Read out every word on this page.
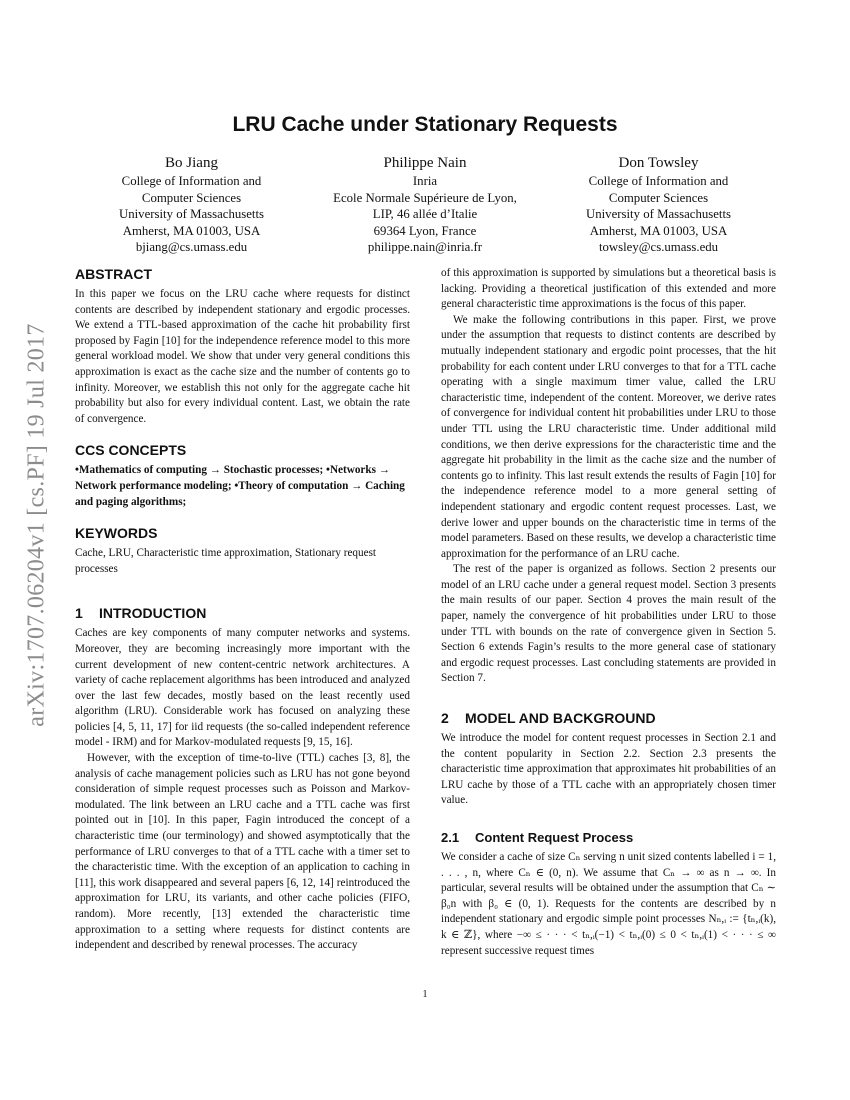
arXiv:1707.06204v1 [cs.PF] 19 Jul 2017
LRU Cache under Stationary Requests
Bo Jiang
College of Information and
Computer Sciences
University of Massachusetts
Amherst, MA 01003, USA
bjiang@cs.umass.edu
Philippe Nain
Inria
Ecole Normale Supérieure de Lyon,
LIP, 46 allée d’Italie
69364 Lyon, France
philippe.nain@inria.fr
Don Towsley
College of Information and
Computer Sciences
University of Massachusetts
Amherst, MA 01003, USA
towsley@cs.umass.edu
ABSTRACT

In this paper we focus on the LRU cache where requests for distinct contents are described by independent stationary and ergodic processes. We extend a TTL-based approximation of the cache hit probability first proposed by Fagin [10] for the independence reference model to this more general workload model. We show that under very general conditions this approximation is exact as the cache size and the number of contents go to infinity. Moreover, we establish this not only for the aggregate cache hit probability but also for every individual content. Last, we obtain the rate of convergence.

CCS CONCEPTS

•Mathematics of computing → Stochastic processes; •Networks → Network performance modeling; •Theory of computation → Caching and paging algorithms;

KEYWORDS

Cache, LRU, Characteristic time approximation, Stationary request processes

1 INTRODUCTION

Caches are key components of many computer networks and systems. Moreover, they are becoming increasingly more important with the current development of new content-centric network architectures. A variety of cache replacement algorithms has been introduced and analyzed over the last few decades, mostly based on the least recently used algorithm (LRU). Considerable work has focused on analyzing these policies [4, 5, 11, 17] for iid requests (the so-called independent reference model - IRM) and for Markov-modulated requests [9, 15, 16].

However, with the exception of time-to-live (TTL) caches [3, 8], the analysis of cache management policies such as LRU has not gone beyond consideration of simple request processes such as Poisson and Markov-modulated. The link between an LRU cache and a TTL cache was first pointed out in [10]. In this paper, Fagin introduced the concept of a characteristic time (our terminology) and showed asymptotically that the performance of LRU converges to that of a TTL cache with a timer set to the characteristic time. With the exception of an application to caching in [11], this work disappeared and several papers [6, 12, 14] reintroduced the approximation for LRU, its variants, and other cache policies (FIFO, random). More recently, [13] extended the characteristic time approximation to a setting where requests for distinct contents are independent and described by renewal processes. The accuracy

of this approximation is supported by simulations but a theoretical basis is lacking. Providing a theoretical justification of this extended and more general characteristic time approximations is the focus of this paper.

We make the following contributions in this paper. First, we prove under the assumption that requests to distinct contents are described by mutually independent stationary and ergodic point processes, that the hit probability for each content under LRU converges to that for a TTL cache operating with a single maximum timer value, called the LRU characteristic time, independent of the content. Moreover, we derive rates of convergence for individual content hit probabilities under LRU to those under TTL using the LRU characteristic time. Under additional mild conditions, we then derive expressions for the characteristic time and the aggregate hit probability in the limit as the cache size and the number of contents go to infinity. This last result extends the results of Fagin [10] for the independence reference model to a more general setting of independent stationary and ergodic content request processes. Last, we derive lower and upper bounds on the characteristic time in terms of the model parameters. Based on these results, we develop a characteristic time approximation for the performance of an LRU cache.

The rest of the paper is organized as follows. Section 2 presents our model of an LRU cache under a general request model. Section 3 presents the main results of our paper. Section 4 proves the main result of the paper, namely the convergence of hit probabilities under LRU to those under TTL with bounds on the rate of convergence given in Section 5. Section 6 extends Fagin’s results to the more general case of stationary and ergodic request processes. Last concluding statements are provided in Section 7.

2 MODEL AND BACKGROUND

We introduce the model for content request processes in Section 2.1 and the content popularity in Section 2.2. Section 2.3 presents the characteristic time approximation that approximates hit probabilities of an LRU cache by those of a TTL cache with an appropriately chosen timer value.

2.1 Content Request Process

We consider a cache of size Cₙ serving n unit sized contents labelled i = 1, . . . , n, where Cₙ ∈ (0, n). We assume that Cₙ → ∞ as n → ∞. In particular, several results will be obtained under the assumption that Cₙ ∼ β₀n with β₀ ∈ (0, 1). Requests for the contents are described by n independent stationary and ergodic simple point processes Nₙ,ᵢ := {tₙ,ᵢ(k), k ∈ ℤ}, where −∞ ≤ · · · < tₙ,ᵢ(−1) < tₙ,ᵢ(0) ≤ 0 < tₙ,ᵢ(1) < · · · ≤ ∞ represent successive request times

1
